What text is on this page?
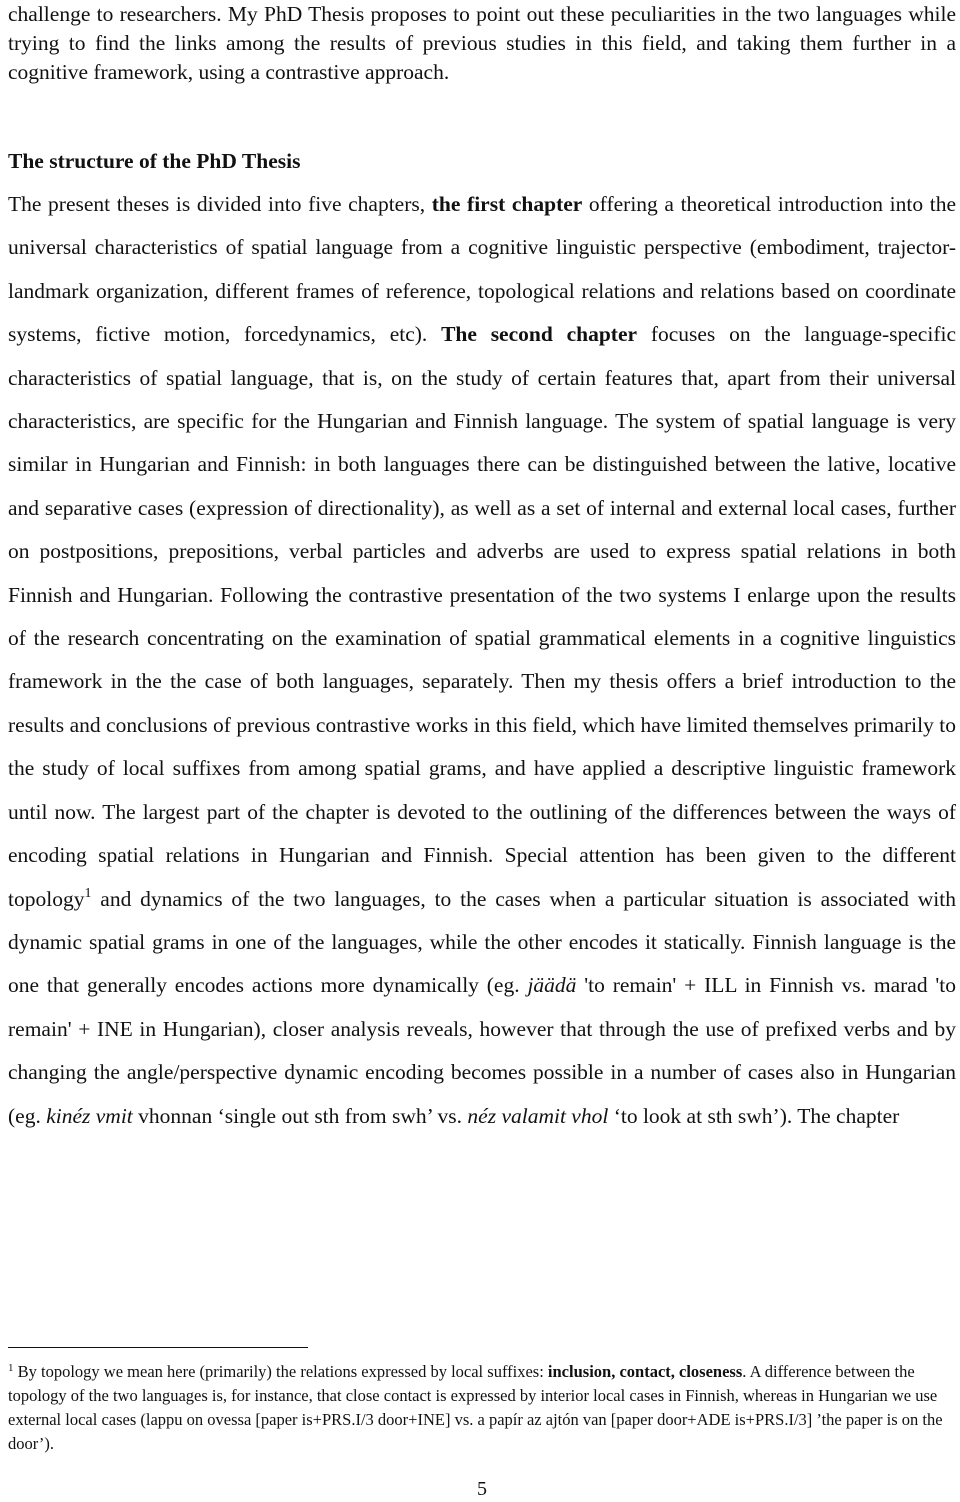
challenge to researchers. My PhD Thesis proposes to point out these peculiarities in the two languages while trying to find the links among the results of previous studies in this field, and taking them further in a cognitive framework, using a contrastive approach.

The structure of the PhD Thesis

The present theses is divided into five chapters, the first chapter offering a theoretical introduction into the universal characteristics of spatial language from a cognitive linguistic perspective (embodiment, trajector-landmark organization, different frames of reference, topological relations and relations based on coordinate systems, fictive motion, forcedynamics, etc). The second chapter focuses on the language-specific characteristics of spatial language, that is, on the study of certain features that, apart from their universal characteristics, are specific for the Hungarian and Finnish language. The system of spatial language is very similar in Hungarian and Finnish: in both languages there can be distinguished between the lative, locative and separative cases (expression of directionality), as well as a set of internal and external local cases, further on postpositions, prepositions, verbal particles and adverbs are used to express spatial relations in both Finnish and Hungarian. Following the contrastive presentation of the two systems I enlarge upon the results of the research concentrating on the examination of spatial grammatical elements in a cognitive linguistics framework in the the case of both languages, separately. Then my thesis offers a brief introduction to the results and conclusions of previous contrastive works in this field, which have limited themselves primarily to the study of local suffixes from among spatial grams, and have applied a descriptive linguistic framework until now. The largest part of the chapter is devoted to the outlining of the differences between the ways of encoding spatial relations in Hungarian and Finnish. Special attention has been given to the different topology$^1$ and dynamics of the two languages, to the cases when a particular situation is associated with dynamic spatial grams in one of the languages, while the other encodes it statically. Finnish language is the one that generally encodes actions more dynamically (eg. jäädä 'to remain' + ILL in Finnish vs. marad 'to remain' + INE in Hungarian), closer analysis reveals, however that through the use of prefixed verbs and by changing the angle/perspective dynamic encoding becomes possible in a number of cases also in Hungarian (eg. kinéz vmit vhonnan ‘single out sth from swh’ vs. néz valamit vhol ‘to look at sth swh’). The chapter

$^1$ By topology we mean here (primarily) the relations expressed by local suffixes: inclusion, contact, closeness. A difference between the topology of the two languages is, for instance, that close contact is expressed by interior local cases in Finnish, whereas in Hungarian we use external local cases (lappu on ovessa [paper is+PRS.I/3 door+INE] vs. a papír az ajtón van [paper door+ADE is+PRS.I/3] ’the paper is on the door’).

5
